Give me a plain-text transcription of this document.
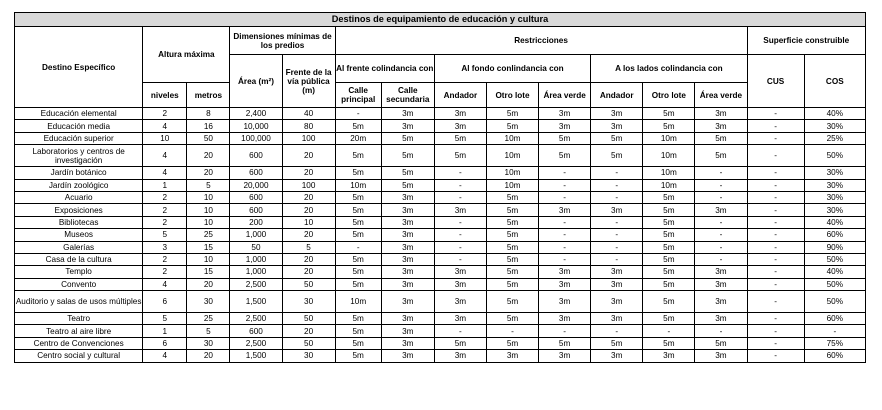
Destinos de equipamiento de educación y cultura														
Destino Específico	Altura máxima		Dimensiones mínimas de los predios		Restricciones								Superficie construible	
			Área (m²)	Frente de la vía pública (m)	Al frente colindancia con		Al fondo conlindancia con			A los lados colindancia con			CUS	COS
	niveles	metros			Calle principal	Calle secundaria	Andador	Otro lote	Área verde	Andador	Otro lote	Área verde		
Educación elemental	2	8	2,400	40	-	3m	3m	5m	3m	3m	5m	3m	-	40%
Educación media	4	16	10,000	80	5m	3m	3m	5m	3m	3m	5m	3m	-	30%
Educación superior	10	50	100,000	100	20m	5m	5m	10m	5m	5m	10m	5m	-	25%
Laboratorios y centros de investigación	4	20	600	20	5m	5m	5m	10m	5m	5m	10m	5m	-	50%
Jardín botánico	4	20	600	20	5m	5m	-	10m	-	-	10m	-	-	30%
Jardín zoológico	1	5	20,000	100	10m	5m	-	10m	-	-	10m	-	-	30%
Acuario	2	10	600	20	5m	3m	-	5m	-	-	5m	-	-	30%
Exposiciones	2	10	600	20	5m	3m	3m	5m	3m	3m	5m	3m	-	30%
Bibliotecas	2	10	200	10	5m	3m	-	5m	-	-	5m	-	-	40%
Museos	5	25	1,000	20	5m	3m	-	5m	-	-	5m	-	-	60%
Galerías	3	15	50	5	-	3m	-	5m	-	-	5m	-	-	90%
Casa de la cultura	2	10	1,000	20	5m	3m	-	5m	-	-	5m	-	-	50%
Templo	2	15	1,000	20	5m	3m	3m	5m	3m	3m	5m	3m	-	40%
Convento	4	20	2,500	50	5m	3m	3m	5m	3m	3m	5m	3m	-	50%
Auditorio y salas de usos múltiples	6	30	1,500	30	10m	3m	3m	5m	3m	3m	5m	3m	-	50%
Teatro	5	25	2,500	50	5m	3m	3m	5m	3m	3m	5m	3m	-	60%
Teatro al aire libre	1	5	600	20	5m	3m	-	-	-	-	-	-	-	-
Centro de Convenciones	6	30	2,500	50	5m	3m	5m	5m	5m	5m	5m	5m	-	75%
Centro social y cultural	4	20	1,500	30	5m	3m	3m	3m	3m	3m	3m	3m	-	60%
